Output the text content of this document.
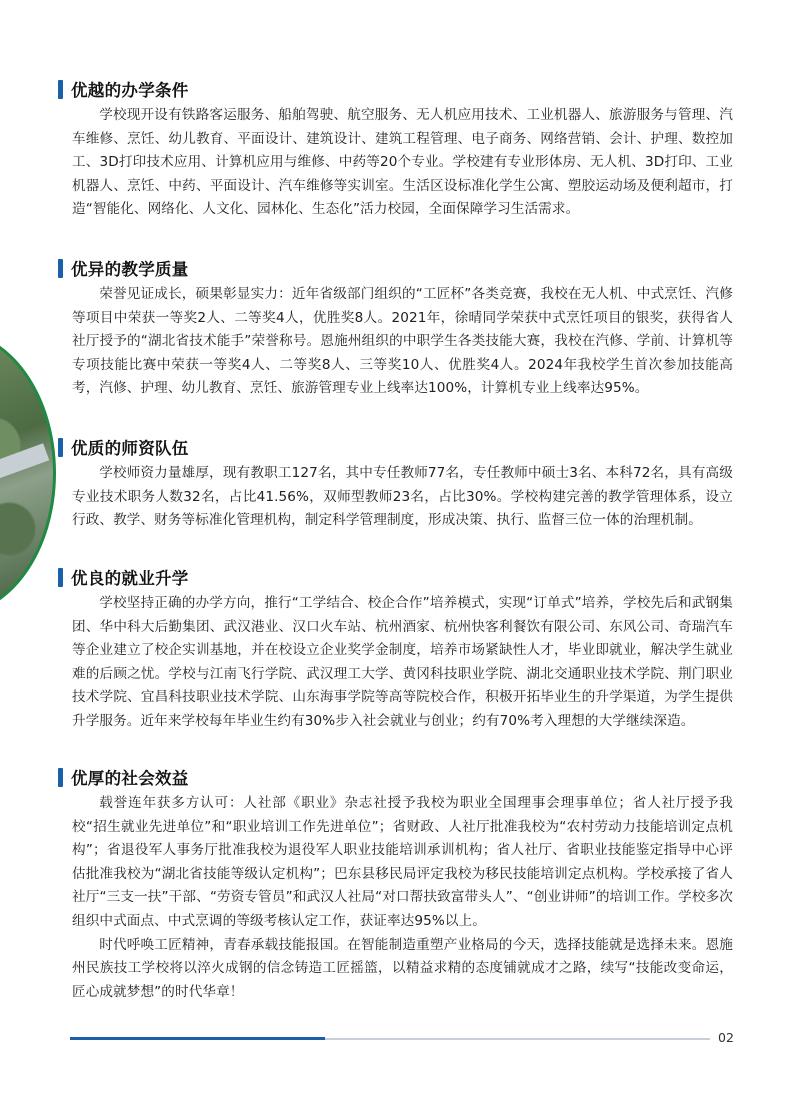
优越的办学条件

学校现开设有铁路客运服务、船舶驾驶、航空服务、无人机应用技术、工业机器人、旅游服务与管理、汽车维修、烹饪、幼儿教育、平面设计、建筑设计、建筑工程管理、电子商务、网络营销、会计、护理、数控加工、3D打印技术应用、计算机应用与维修、中药等20个专业。学校建有专业形体房、无人机、3D打印、工业机器人、烹饪、中药、平面设计、汽车维修等实训室。生活区设标准化学生公寓、塑胶运动场及便利超市，打造“智能化、网络化、人文化、园林化、生态化”活力校园，全面保障学习生活需求。

优异的教学质量

荣誉见证成长，硕果彰显实力：近年省级部门组织的“工匠杯”各类竞赛，我校在无人机、中式烹饪、汽修等项目中荣获一等奖2人、二等奖4人，优胜奖8人。2021年，徐晴同学荣获中式烹饪项目的银奖，获得省人社厅授予的“湖北省技术能手”荣誉称号。恩施州组织的中职学生各类技能大赛，我校在汽修、学前、计算机等专项技能比赛中荣获一等奖4人、二等奖8人、三等奖10人、优胜奖4人。2024年我校学生首次参加技能高考，汽修、护理、幼儿教育、烹饪、旅游管理专业上线率达100%，计算机专业上线率达95%。

优质的师资队伍

学校师资力量雄厚，现有教职工127名，其中专任教师77名，专任教师中硕士3名、本科72名，具有高级专业技术职务人数32名，占比41.56%，双师型教师23名，占比30%。学校构建完善的教学管理体系，设立行政、教学、财务等标准化管理机构，制定科学管理制度，形成决策、执行、监督三位一体的治理机制。

优良的就业升学

学校坚持正确的办学方向，推行“工学结合、校企合作”培养模式，实现“订单式”培养，学校先后和武钢集团、华中科大后勤集团、武汉港业、汉口火车站、杭州酒家、杭州快客利餐饮有限公司、东风公司、奇瑞汽车等企业建立了校企实训基地，并在校设立企业奖学金制度，培养市场紧缺性人才，毕业即就业，解决学生就业难的后顾之忧。学校与江南飞行学院、武汉理工大学、黄冈科技职业学院、湖北交通职业技术学院、荆门职业技术学院、宜昌科技职业技术学院、山东海事学院等高等院校合作，积极开拓毕业生的升学渠道，为学生提供升学服务。近年来学校每年毕业生约有30%步入社会就业与创业；约有70%考入理想的大学继续深造。

优厚的社会效益

载誉连年获多方认可：人社部《职业》杂志社授予我校为职业全国理事会理事单位；省人社厅授予我校“招生就业先进单位”和“职业培训工作先进单位”；省财政、人社厅批准我校为“农村劳动力技能培训定点机构”；省退役军人事务厅批准我校为退役军人职业技能培训承训机构；省人社厅、省职业技能鉴定指导中心评估批准我校为“湖北省技能等级认定机构”；巴东县移民局评定我校为移民技能培训定点机构。学校承接了省人社厅“三支一扶”干部、“劳资专管员”和武汉人社局“对口帮扶致富带头人”、“创业讲师”的培训工作。学校多次组织中式面点、中式烹调的等级考核认定工作，获证率达95%以上。

时代呼唤工匠精神，青春承载技能报国。在智能制造重塑产业格局的今天，选择技能就是选择未来。恩施州民族技工学校将以淬火成钢的信念铸造工匠摇篮，以精益求精的态度铺就成才之路，续写“技能改变命运，匠心成就梦想”的时代华章！

02
